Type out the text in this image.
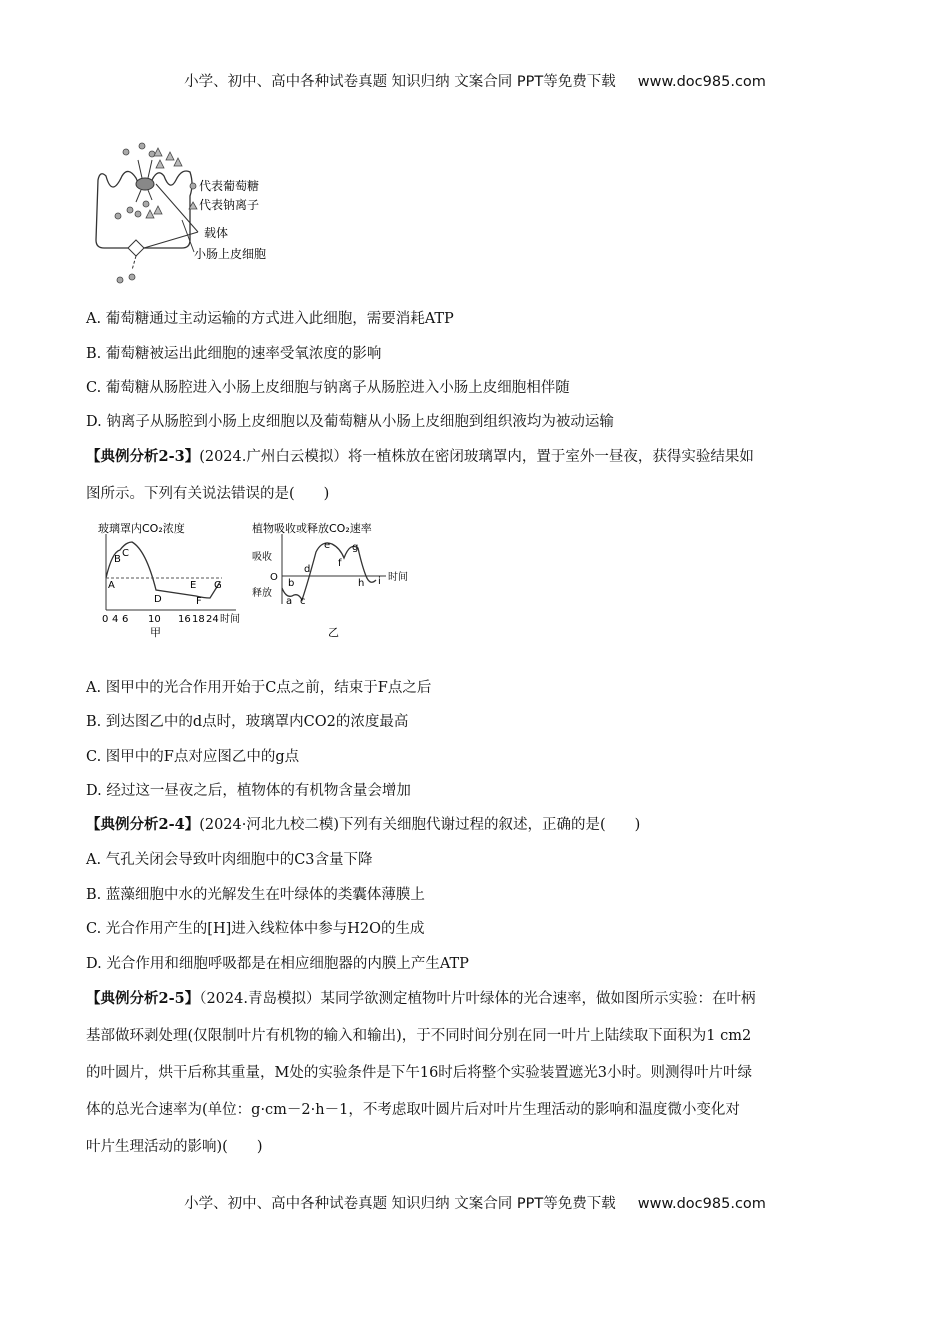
小学、初中、高中各种试卷真题 知识归纳 文案合同 PPT等免费下载 www.doc985.com
代表葡萄糖
代表钠离子
载体
小肠上皮细胞
A. 葡萄糖通过主动运输的方式进入此细胞，需要消耗ATP
B. 葡萄糖被运出此细胞的速率受氧浓度的影响
C. 葡萄糖从肠腔进入小肠上皮细胞与钠离子从肠腔进入小肠上皮细胞相伴随
D. 钠离子从肠腔到小肠上皮细胞以及葡萄糖从小肠上皮细胞到组织液均为被动运输
【典例分析2-3】(2024.广州白云模拟）将一植株放在密闭玻璃罩内，置于室外一昼夜，获得实验结果如
图所示。下列有关说法错误的是(　　)
玻璃罩内CO₂浓度
A
B
C
D
E
F
G
0 4 6 10 16 18 24 时间
甲
植物吸收或释放CO₂速率
吸收
O
释放
a
b
c
d
e
f
g
h i 时间
乙
A. 图甲中的光合作用开始于C点之前，结束于F点之后
B. 到达图乙中的d点时，玻璃罩内CO2的浓度最高
C. 图甲中的F点对应图乙中的g点
D. 经过这一昼夜之后，植物体的有机物含量会增加
【典例分析2-4】(2024·河北九校二模)下列有关细胞代谢过程的叙述，正确的是(　　)
A. 气孔关闭会导致叶肉细胞中的C3含量下降
B. 蓝藻细胞中水的光解发生在叶绿体的类囊体薄膜上
C. 光合作用产生的[H]进入线粒体中参与H2O的生成
D. 光合作用和细胞呼吸都是在相应细胞器的内膜上产生ATP
【典例分析2-5】（2024.青岛模拟）某同学欲测定植物叶片叶绿体的光合速率，做如图所示实验：在叶柄
基部做环剥处理(仅限制叶片有机物的输入和输出)，于不同时间分别在同一叶片上陆续取下面积为1 cm2
的叶圆片，烘干后称其重量，M处的实验条件是下午16时后将整个实验装置遮光3小时。则测得叶片叶绿
体的总光合速率为(单位：g·cm－2·h－1，不考虑取叶圆片后对叶片生理活动的影响和温度微小变化对
叶片生理活动的影响)(　　)
小学、初中、高中各种试卷真题 知识归纳 文案合同 PPT等免费下载 www.doc985.com
